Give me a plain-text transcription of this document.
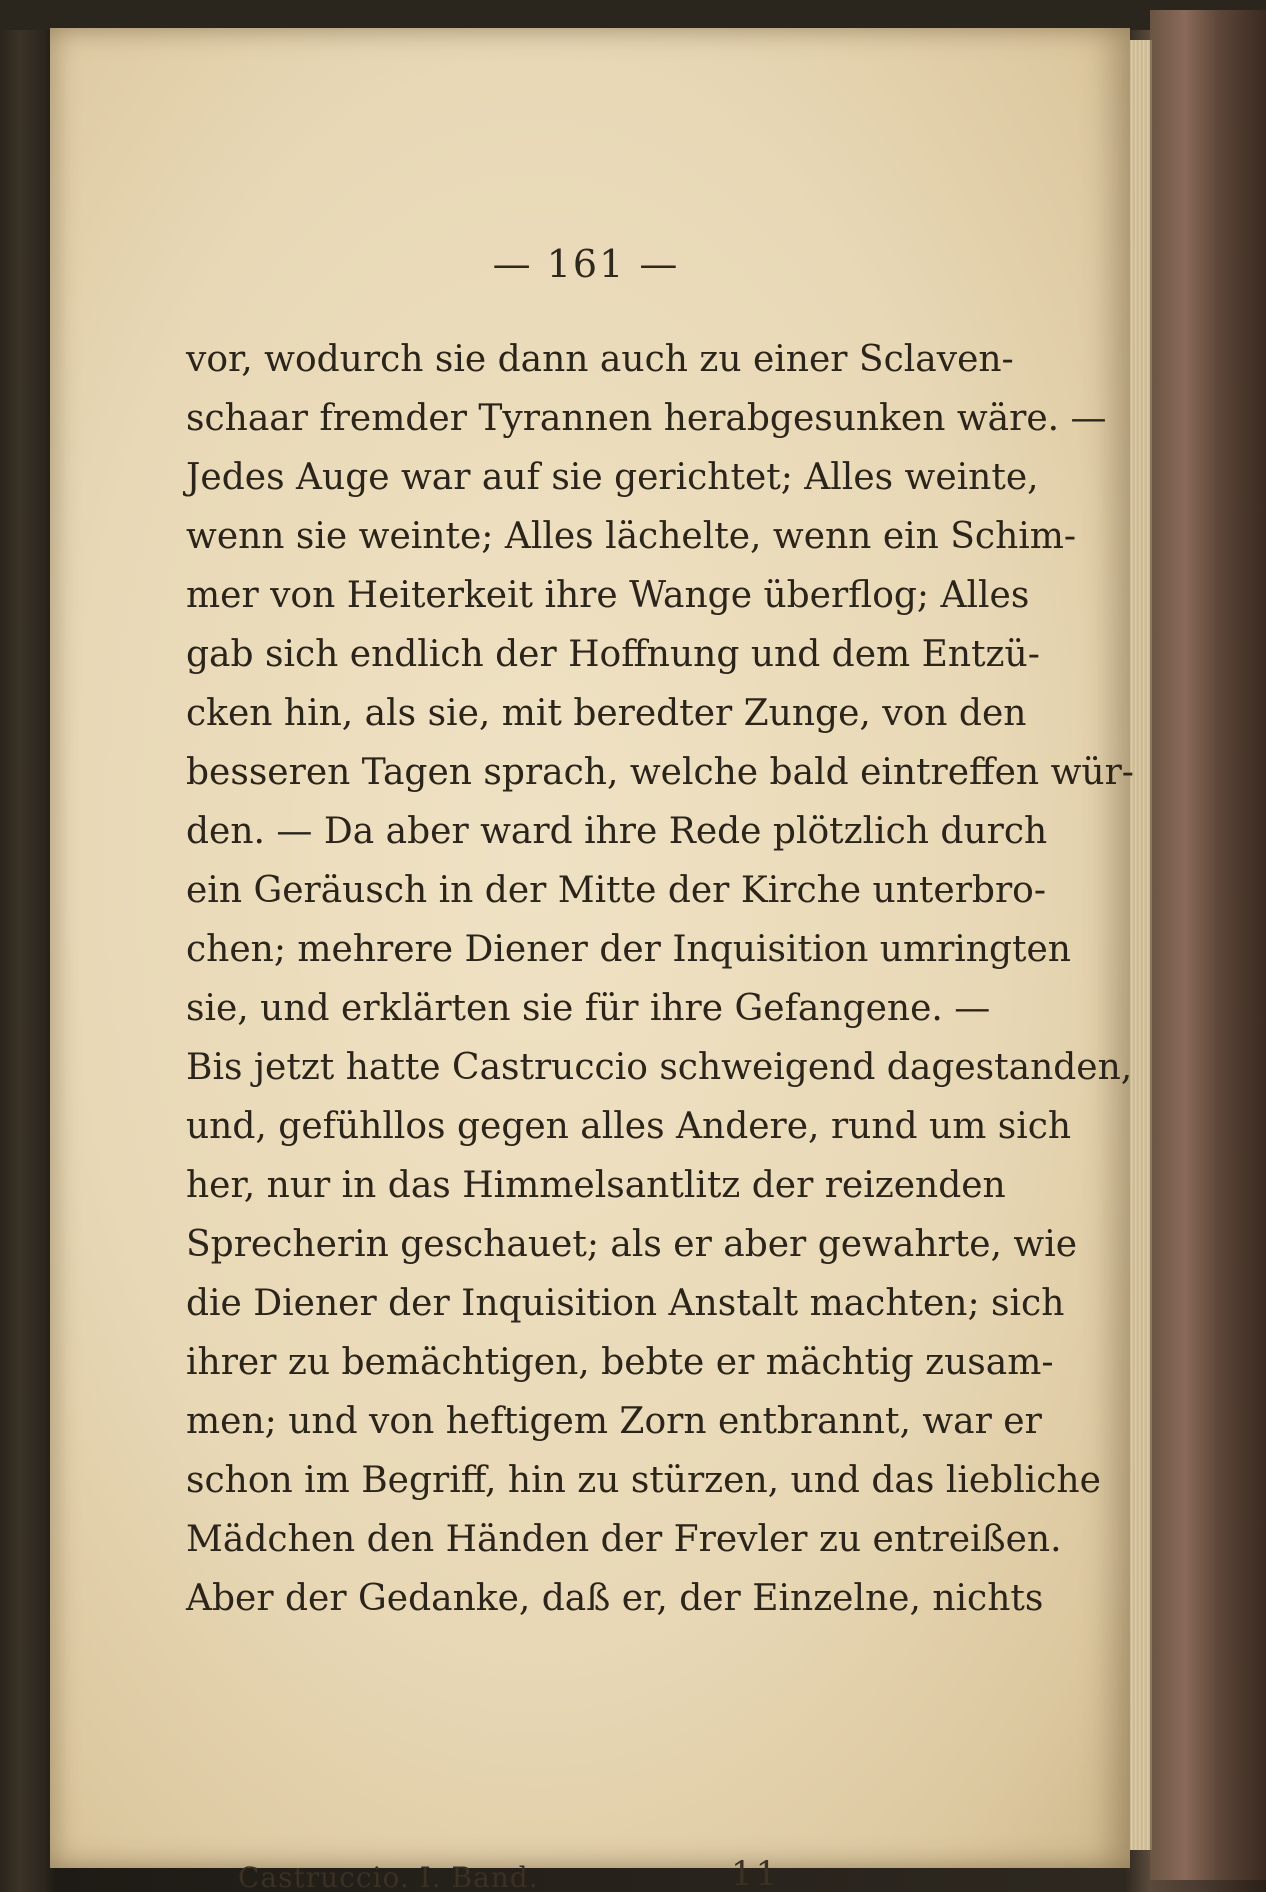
— 161 —
vor, wodurch sie dann auch zu einer Sclaven-
schaar fremder Tyrannen herabgesunken wäre. —
Jedes Auge war auf sie gerichtet; Alles weinte,
wenn sie weinte; Alles lächelte, wenn ein Schim-
mer von Heiterkeit ihre Wange überflog; Alles
gab sich endlich der Hoffnung und dem Entzü-
cken hin, als sie, mit beredter Zunge, von den
besseren Tagen sprach, welche bald eintreffen wür-
den. — Da aber ward ihre Rede plötzlich durch
ein Geräusch in der Mitte der Kirche unterbro-
chen; mehrere Diener der Inquisition umringten
sie, und erklärten sie für ihre Gefangene. —
Bis jetzt hatte Castruccio schweigend dagestanden,
und, gefühllos gegen alles Andere, rund um sich
her, nur in das Himmelsantlitz der reizenden
Sprecherin geschauet; als er aber gewahrte, wie
die Diener der Inquisition Anstalt machten; sich
ihrer zu bemächtigen, bebte er mächtig zusam-
men; und von heftigem Zorn entbrannt, war er
schon im Begriff, hin zu stürzen, und das liebliche
Mädchen den Händen der Frevler zu entreißen.
Aber der Gedanke, daß er, der Einzelne, nichts
Castruccio. I. Band.	11
